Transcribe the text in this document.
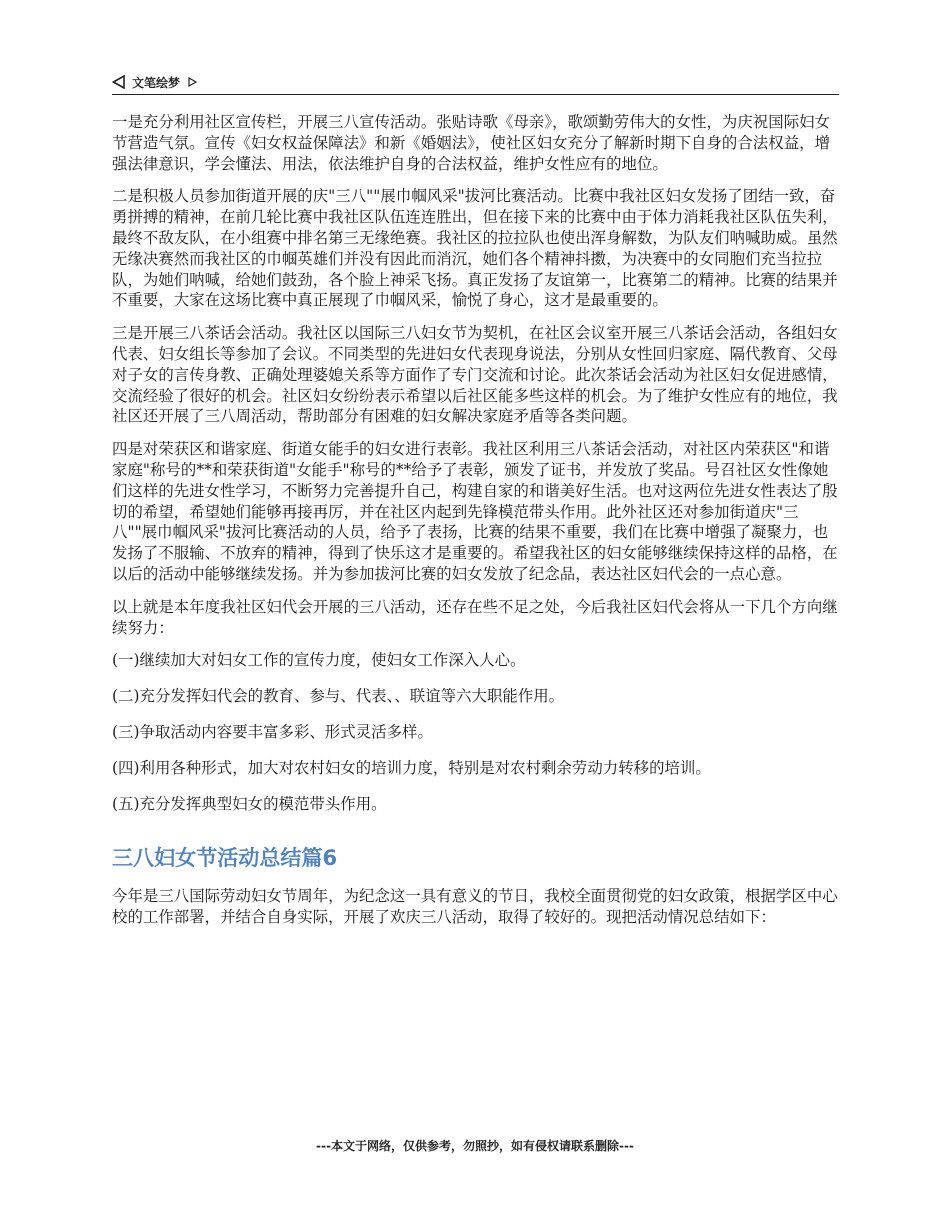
文笔绘梦

一是充分利用社区宣传栏，开展三八宣传活动。张贴诗歌《母亲》，歌颂勤劳伟大的女性，为庆祝国际妇女节营造气氛。宣传《妇女权益保障法》和新《婚姻法》，使社区妇女充分了解新时期下自身的合法权益，增强法律意识，学会懂法、用法，依法维护自身的合法权益，维护女性应有的地位。

二是积极人员参加街道开展的庆"三八""展巾帼风采"拔河比赛活动。比赛中我社区妇女发扬了团结一致，奋勇拼搏的精神，在前几轮比赛中我社区队伍连连胜出，但在接下来的比赛中由于体力消耗我社区队伍失利，最终不敌友队，在小组赛中排名第三无缘绝赛。我社区的拉拉队也使出浑身解数，为队友们呐喊助威。虽然无缘决赛然而我社区的巾帼英雄们并没有因此而消沉，她们各个精神抖擞，为决赛中的女同胞们充当拉拉队，为她们呐喊，给她们鼓劲，各个脸上神采飞扬。真正发扬了友谊第一，比赛第二的精神。比赛的结果并不重要，大家在这场比赛中真正展现了巾帼风采，愉悦了身心，这才是最重要的。

三是开展三八茶话会活动。我社区以国际三八妇女节为契机，在社区会议室开展三八茶话会活动，各组妇女代表、妇女组长等参加了会议。不同类型的先进妇女代表现身说法，分别从女性回归家庭、隔代教育、父母对子女的言传身教、正确处理婆媳关系等方面作了专门交流和讨论。此次茶话会活动为社区妇女促进感情，交流经验了很好的机会。社区妇女纷纷表示希望以后社区能多些这样的机会。为了维护女性应有的地位，我社区还开展了三八周活动，帮助部分有困难的妇女解决家庭矛盾等各类问题。

四是对荣获区和谐家庭、街道女能手的妇女进行表彰。我社区利用三八茶话会活动，对社区内荣获区"和谐家庭"称号的**和荣获街道"女能手"称号的**给予了表彰，颁发了证书，并发放了奖品。号召社区女性像她们这样的先进女性学习，不断努力完善提升自己，构建自家的和谐美好生活。也对这两位先进女性表达了殷切的希望，希望她们能够再接再厉，并在社区内起到先锋模范带头作用。此外社区还对参加街道庆"三八""展巾帼风采"拔河比赛活动的人员，给予了表扬，比赛的结果不重要，我们在比赛中增强了凝聚力，也发扬了不服输、不放弃的精神，得到了快乐这才是重要的。希望我社区的妇女能够继续保持这样的品格，在以后的活动中能够继续发扬。并为参加拔河比赛的妇女发放了纪念品，表达社区妇代会的一点心意。

以上就是本年度我社区妇代会开展的三八活动，还存在些不足之处，今后我社区妇代会将从一下几个方向继续努力：

(一)继续加大对妇女工作的宣传力度，使妇女工作深入人心。

(二)充分发挥妇代会的教育、参与、代表、、联谊等六大职能作用。

(三)争取活动内容要丰富多彩、形式灵活多样。

(四)利用各种形式，加大对农村妇女的培训力度，特别是对农村剩余劳动力转移的培训。

(五)充分发挥典型妇女的模范带头作用。

三八妇女节活动总结篇6

今年是三八国际劳动妇女节周年，为纪念这一具有意义的节日，我校全面贯彻党的妇女政策，根据学区中心校的工作部署，并结合自身实际，开展了欢庆三八活动，取得了较好的。现把活动情况总结如下：

---本文于网络，仅供参考，勿照抄，如有侵权请联系删除---
